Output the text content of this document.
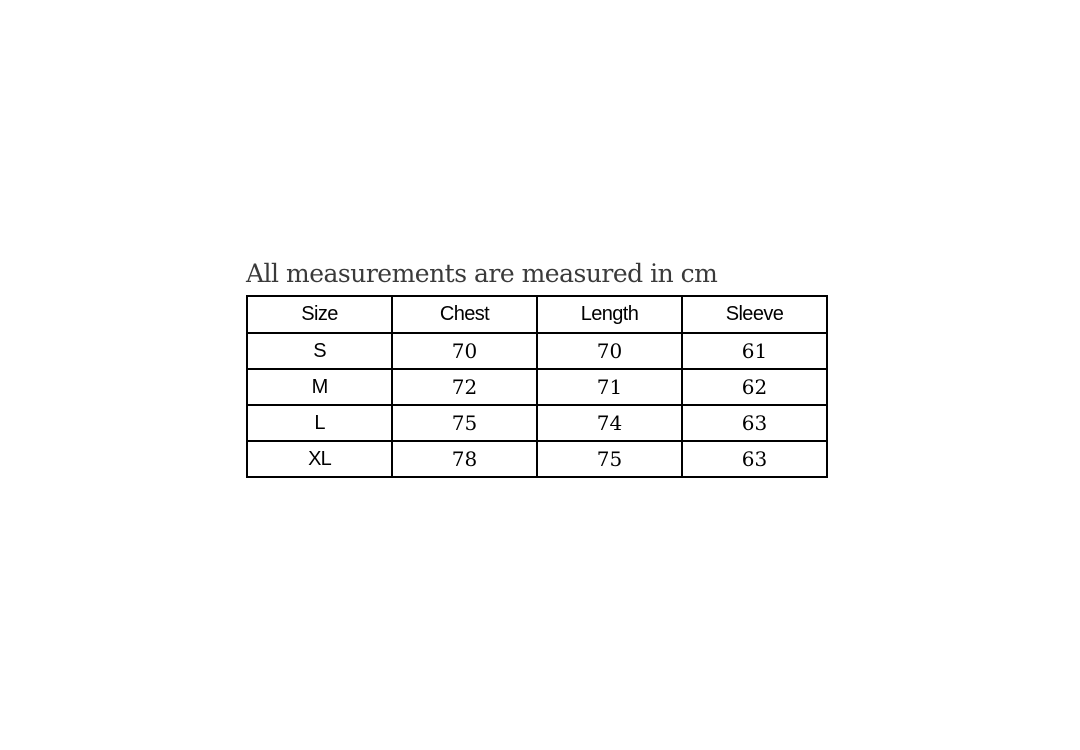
All measurements are measured in cm
Size	Chest	Length	Sleeve
S	70	70	61
M	72	71	62
L	75	74	63
XL	78	75	63
